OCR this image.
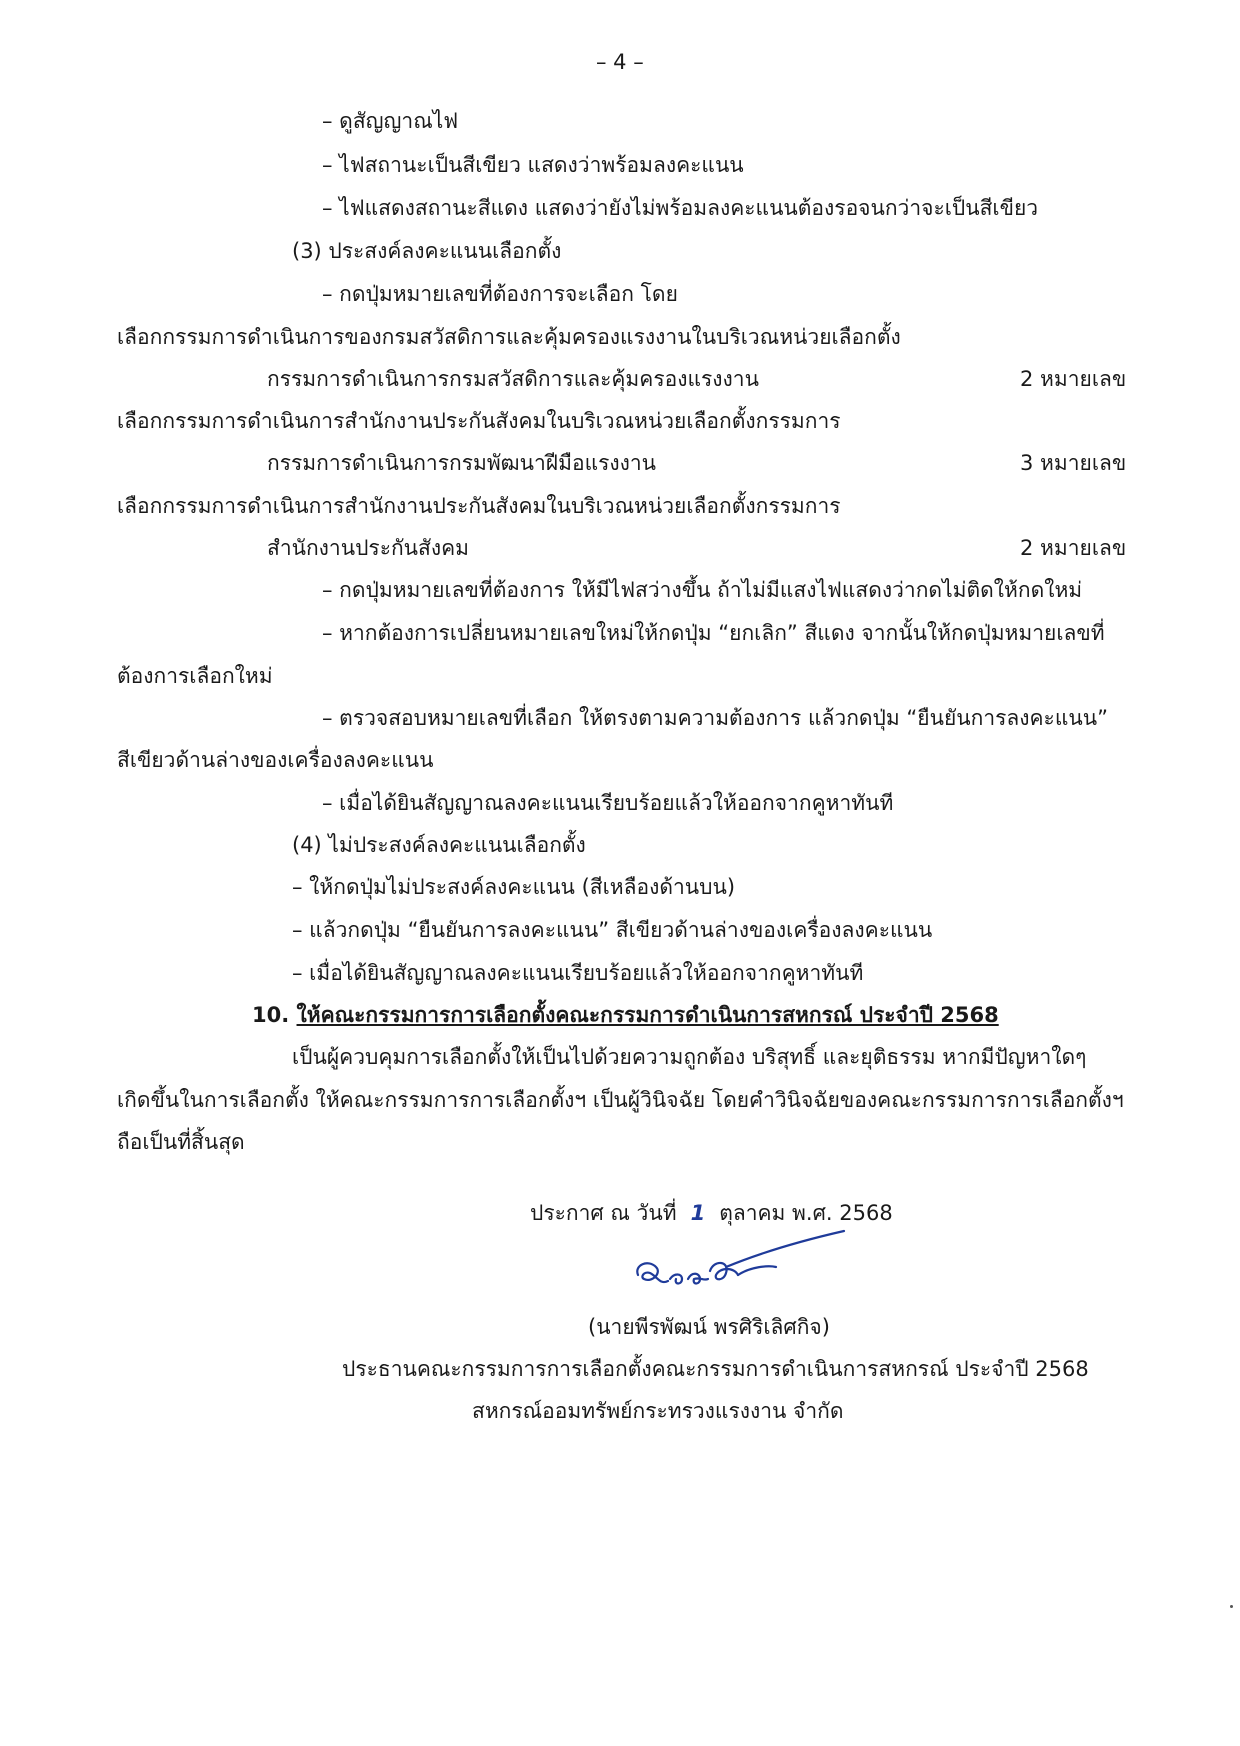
– 4 –
– ดูสัญญาณไฟ
– ไฟสถานะเป็นสีเขียว แสดงว่าพร้อมลงคะแนน
– ไฟแสดงสถานะสีแดง แสดงว่ายังไม่พร้อมลงคะแนนต้องรอจนกว่าจะเป็นสีเขียว
(3) ประสงค์ลงคะแนนเลือกตั้ง
– กดปุ่มหมายเลขที่ต้องการจะเลือก โดย
เลือกกรรมการดำเนินการของกรมสวัสดิการและคุ้มครองแรงงานในบริเวณหน่วยเลือกตั้ง
กรรมการดำเนินการกรมสวัสดิการและคุ้มครองแรงงาน	2 หมายเลข
เลือกกรรมการดำเนินการสำนักงานประกันสังคมในบริเวณหน่วยเลือกตั้งกรรมการ
กรรมการดำเนินการกรมพัฒนาฝีมือแรงงาน	3 หมายเลข
เลือกกรรมการดำเนินการสำนักงานประกันสังคมในบริเวณหน่วยเลือกตั้งกรรมการ
สำนักงานประกันสังคม	2 หมายเลข
– กดปุ่มหมายเลขที่ต้องการ ให้มีไฟสว่างขึ้น ถ้าไม่มีแสงไฟแสดงว่ากดไม่ติดให้กดใหม่
– หากต้องการเปลี่ยนหมายเลขใหม่ให้กดปุ่ม “ยกเลิก” สีแดง จากนั้นให้กดปุ่มหมายเลขที่
ต้องการเลือกใหม่
– ตรวจสอบหมายเลขที่เลือก ให้ตรงตามความต้องการ แล้วกดปุ่ม “ยืนยันการลงคะแนน”
สีเขียวด้านล่างของเครื่องลงคะแนน
– เมื่อได้ยินสัญญาณลงคะแนนเรียบร้อยแล้วให้ออกจากคูหาทันที
(4) ไม่ประสงค์ลงคะแนนเลือกตั้ง
– ให้กดปุ่มไม่ประสงค์ลงคะแนน (สีเหลืองด้านบน)
– แล้วกดปุ่ม “ยืนยันการลงคะแนน” สีเขียวด้านล่างของเครื่องลงคะแนน
– เมื่อได้ยินสัญญาณลงคะแนนเรียบร้อยแล้วให้ออกจากคูหาทันที
10. ให้คณะกรรมการการเลือกตั้งคณะกรรมการดำเนินการสหกรณ์ ประจำปี 2568
เป็นผู้ควบคุมการเลือกตั้งให้เป็นไปด้วยความถูกต้อง บริสุทธิ์ และยุติธรรม หากมีปัญหาใดๆ
เกิดขึ้นในการเลือกตั้ง ให้คณะกรรมการการเลือกตั้งฯ เป็นผู้วินิจฉัย โดยคำวินิจฉัยของคณะกรรมการการเลือกตั้งฯ
ถือเป็นที่สิ้นสุด
ประกาศ ณ วันที่ 1 ตุลาคม พ.ศ. 2568
(นายพีรพัฒน์ พรศิริเลิศกิจ)
ประธานคณะกรรมการการเลือกตั้งคณะกรรมการดำเนินการสหกรณ์ ประจำปี 2568
สหกรณ์ออมทรัพย์กระทรวงแรงงาน จำกัด
